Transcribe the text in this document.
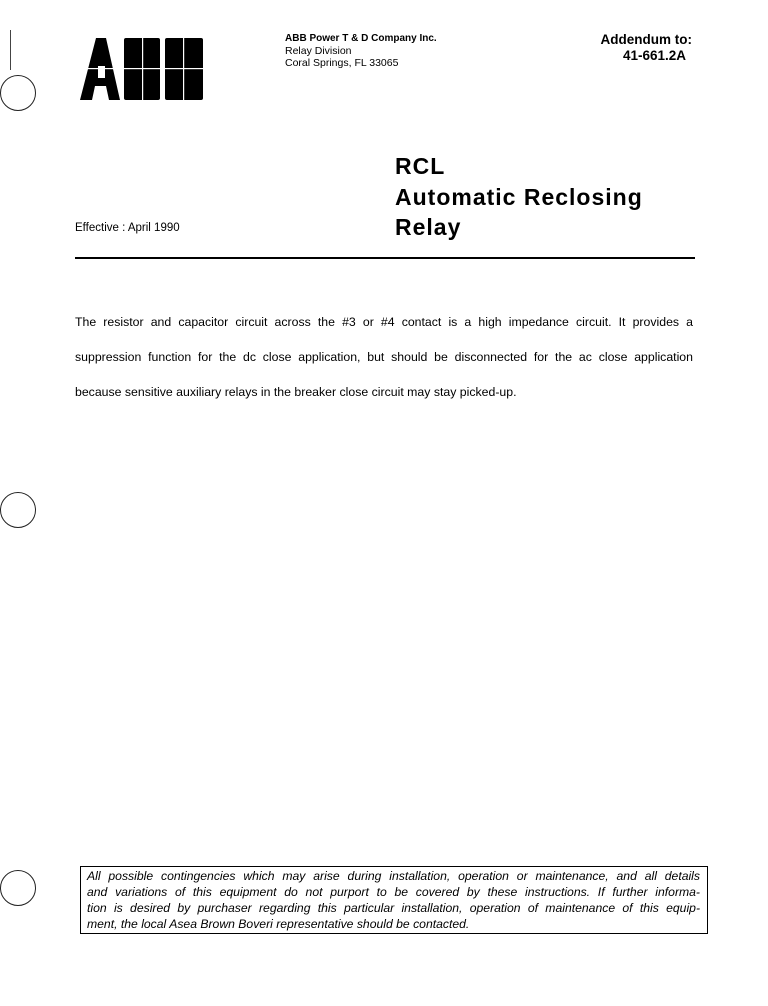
ABB Power T & D Company Inc.
Relay Division
Coral Springs, FL 33065
Addendum to:
41-661.2A
RCL
Automatic Reclosing
Relay
Effective : April 1990
The resistor and capacitor circuit across the #3 or #4 contact is a high impedance circuit. It provides a
suppression function for the dc close application, but should be disconnected for the ac close application
because sensitive auxiliary relays in the breaker close circuit may stay picked-up.
All possible contingencies which may arise during installation, operation or maintenance, and all details
and variations of this equipment do not purport to be covered by these instructions. If further informa-
tion is desired by purchaser regarding this particular installation, operation of maintenance of this equip-
ment, the local Asea Brown Boveri representative should be contacted.
